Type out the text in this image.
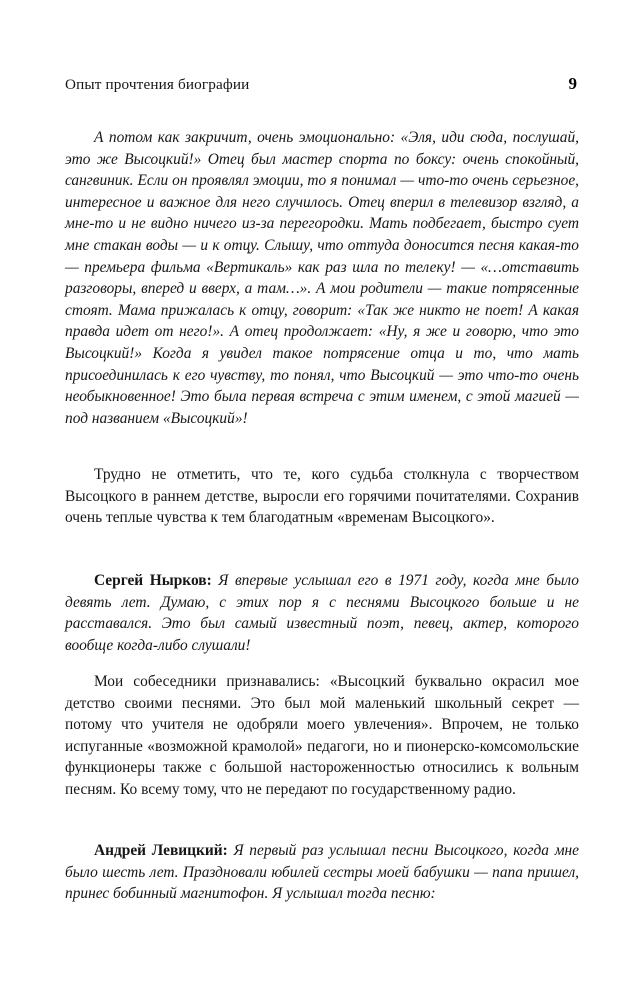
Опыт прочтения биографии	9

А потом как закричит, очень эмоционально: «Эля, иди сюда, послушай, это же Высоцкий!» Отец был мастер спорта по боксу: очень спокойный, сангвиник. Если он проявлял эмоции, то я понимал — что-то очень серьезное, интересное и важное для него случилось. Отец вперил в телевизор взгляд, а мне-то и не видно ничего из-за перегородки. Мать подбегает, быстро сует мне стакан воды — и к отцу. Слышу, что оттуда доносится песня какая-то — премьера фильма «Вертикаль» как раз шла по телеку! — «…отставить разговоры, вперед и вверх, а там…». А мои родители — такие потрясенные стоят. Мама прижалась к отцу, говорит: «Так же никто не поет! А какая правда идет от него!». А отец продолжает: «Ну, я же и говорю, что это Высоцкий!» Когда я увидел такое потрясение отца и то, что мать присоединилась к его чувству, то понял, что Высоцкий — это что-то очень необыкновенное! Это была первая встреча с этим именем, с этой магией — под названием «Высоцкий»!

Трудно не отметить, что те, кого судьба столкнула с творчеством Высоцкого в раннем детстве, выросли его горячими почитателями. Сохранив очень теплые чувства к тем благодатным «временам Высоцкого».

Сергей Нырков: Я впервые услышал его в 1971 году, когда мне было девять лет. Думаю, с этих пор я с песнями Высоцкого больше и не расставался. Это был самый известный поэт, певец, актер, которого вообще когда-либо слушали!

Мои собеседники признавались: «Высоцкий буквально окрасил мое детство своими песнями. Это был мой маленький школьный секрет — потому что учителя не одобряли моего увлечения». Впрочем, не только испуганные «возможной крамолой» педагоги, но и пионерско-комсомольские функционеры также с большой настороженностью относились к вольным песням. Ко всему тому, что не передают по государственному радио.

Андрей Левицкий: Я первый раз услышал песни Высоцкого, когда мне было шесть лет. Праздновали юбилей сестры моей бабушки — папа пришел, принес бобинный магнитофон. Я услышал тогда песню:
